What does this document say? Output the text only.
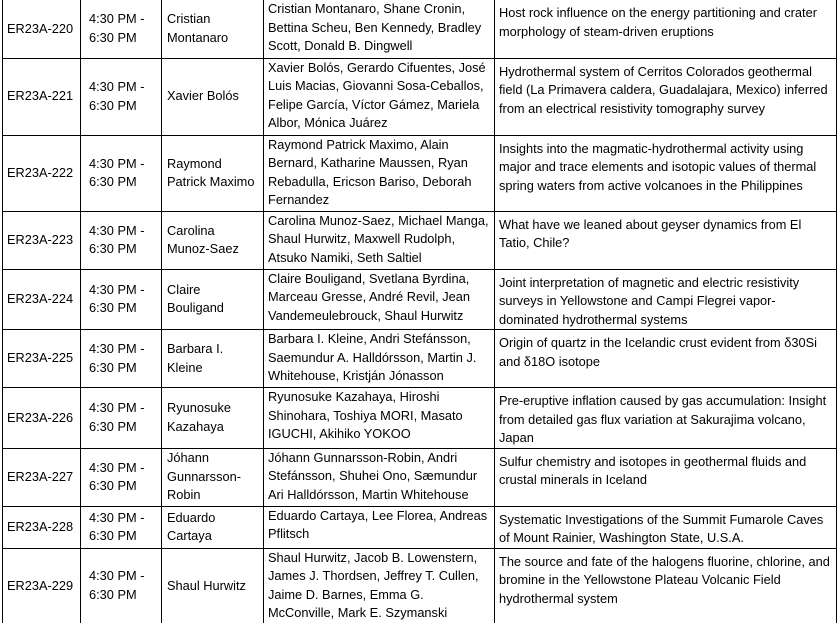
ER23A-220	4:30 PM - 6:30 PM	Cristian Montanaro	Cristian Montanaro, Shane Cronin, Bettina Scheu, Ben Kennedy, Bradley Scott, Donald B. Dingwell	Host rock influence on the energy partitioning and crater morphology of steam-driven eruptions
ER23A-221	4:30 PM - 6:30 PM	Xavier Bolós	Xavier Bolós, Gerardo Cifuentes, José Luis Macias, Giovanni Sosa-Ceballos, Felipe García, Víctor Gámez, Mariela Albor, Mónica Juárez	Hydrothermal system of Cerritos Colorados geothermal field (La Primavera caldera, Guadalajara, Mexico) inferred from an electrical resistivity tomography survey
ER23A-222	4:30 PM - 6:30 PM	Raymond Patrick Maximo	Raymond Patrick Maximo, Alain Bernard, Katharine Maussen, Ryan Rebadulla, Ericson Bariso, Deborah Fernandez	Insights into the magmatic-hydrothermal activity using major and trace elements and isotopic values of thermal spring waters from active volcanoes in the Philippines
ER23A-223	4:30 PM - 6:30 PM	Carolina Munoz-Saez	Carolina Munoz-Saez, Michael Manga, Shaul Hurwitz, Maxwell Rudolph, Atsuko Namiki, Seth Saltiel	What have we leaned about geyser dynamics from El Tatio, Chile?
ER23A-224	4:30 PM - 6:30 PM	Claire Bouligand	Claire Bouligand, Svetlana Byrdina, Marceau Gresse, André Revil, Jean Vandemeulebrouck, Shaul Hurwitz	Joint interpretation of magnetic and electric resistivity surveys in Yellowstone and Campi Flegrei vapor-dominated hydrothermal systems
ER23A-225	4:30 PM - 6:30 PM	Barbara I. Kleine	Barbara I. Kleine, Andri Stefánsson, Saemundur A. Halldórsson, Martin J. Whitehouse, Kristján Jónasson	Origin of quartz in the Icelandic crust evident from δ30Si and δ18O isotope
ER23A-226	4:30 PM - 6:30 PM	Ryunosuke Kazahaya	Ryunosuke Kazahaya, Hiroshi Shinohara, Toshiya MORI, Masato IGUCHI, Akihiko YOKOO	Pre-eruptive inflation caused by gas accumulation: Insight from detailed gas flux variation at Sakurajima volcano, Japan
ER23A-227	4:30 PM - 6:30 PM	Jóhann Gunnarsson-Robin	Jóhann Gunnarsson-Robin, Andri Stefánsson, Shuhei Ono, Sæmundur Ari Halldórsson, Martin Whitehouse	Sulfur chemistry and isotopes in geothermal fluids and crustal minerals in Iceland
ER23A-228	4:30 PM - 6:30 PM	Eduardo Cartaya	Eduardo Cartaya, Lee Florea, Andreas Pflitsch	Systematic Investigations of the Summit Fumarole Caves of Mount Rainier, Washington State, U.S.A.
ER23A-229	4:30 PM - 6:30 PM	Shaul Hurwitz	Shaul Hurwitz, Jacob B. Lowenstern, James J. Thordsen, Jeffrey T. Cullen, Jaime D. Barnes, Emma G. McConville, Mark E. Szymanski	The source and fate of the halogens fluorine, chlorine, and bromine in the Yellowstone Plateau Volcanic Field hydrothermal system
